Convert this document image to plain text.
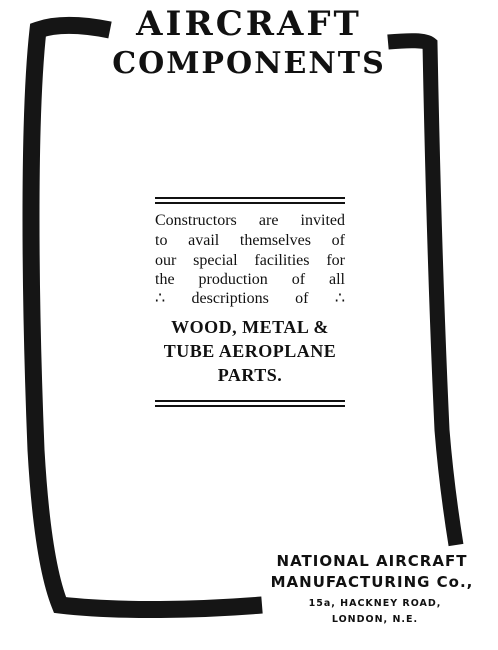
AIRCRAFT
COMPONENTS
Constructors are invited
to avail themselves of
our special facilities for
the production of all
∴ descriptions of ∴
WOOD, METAL &
TUBE AEROPLANE
PARTS.
NATIONAL AIRCRAFT
MANUFACTURING Co.,
15a, HACKNEY ROAD,
LONDON, N.E.
